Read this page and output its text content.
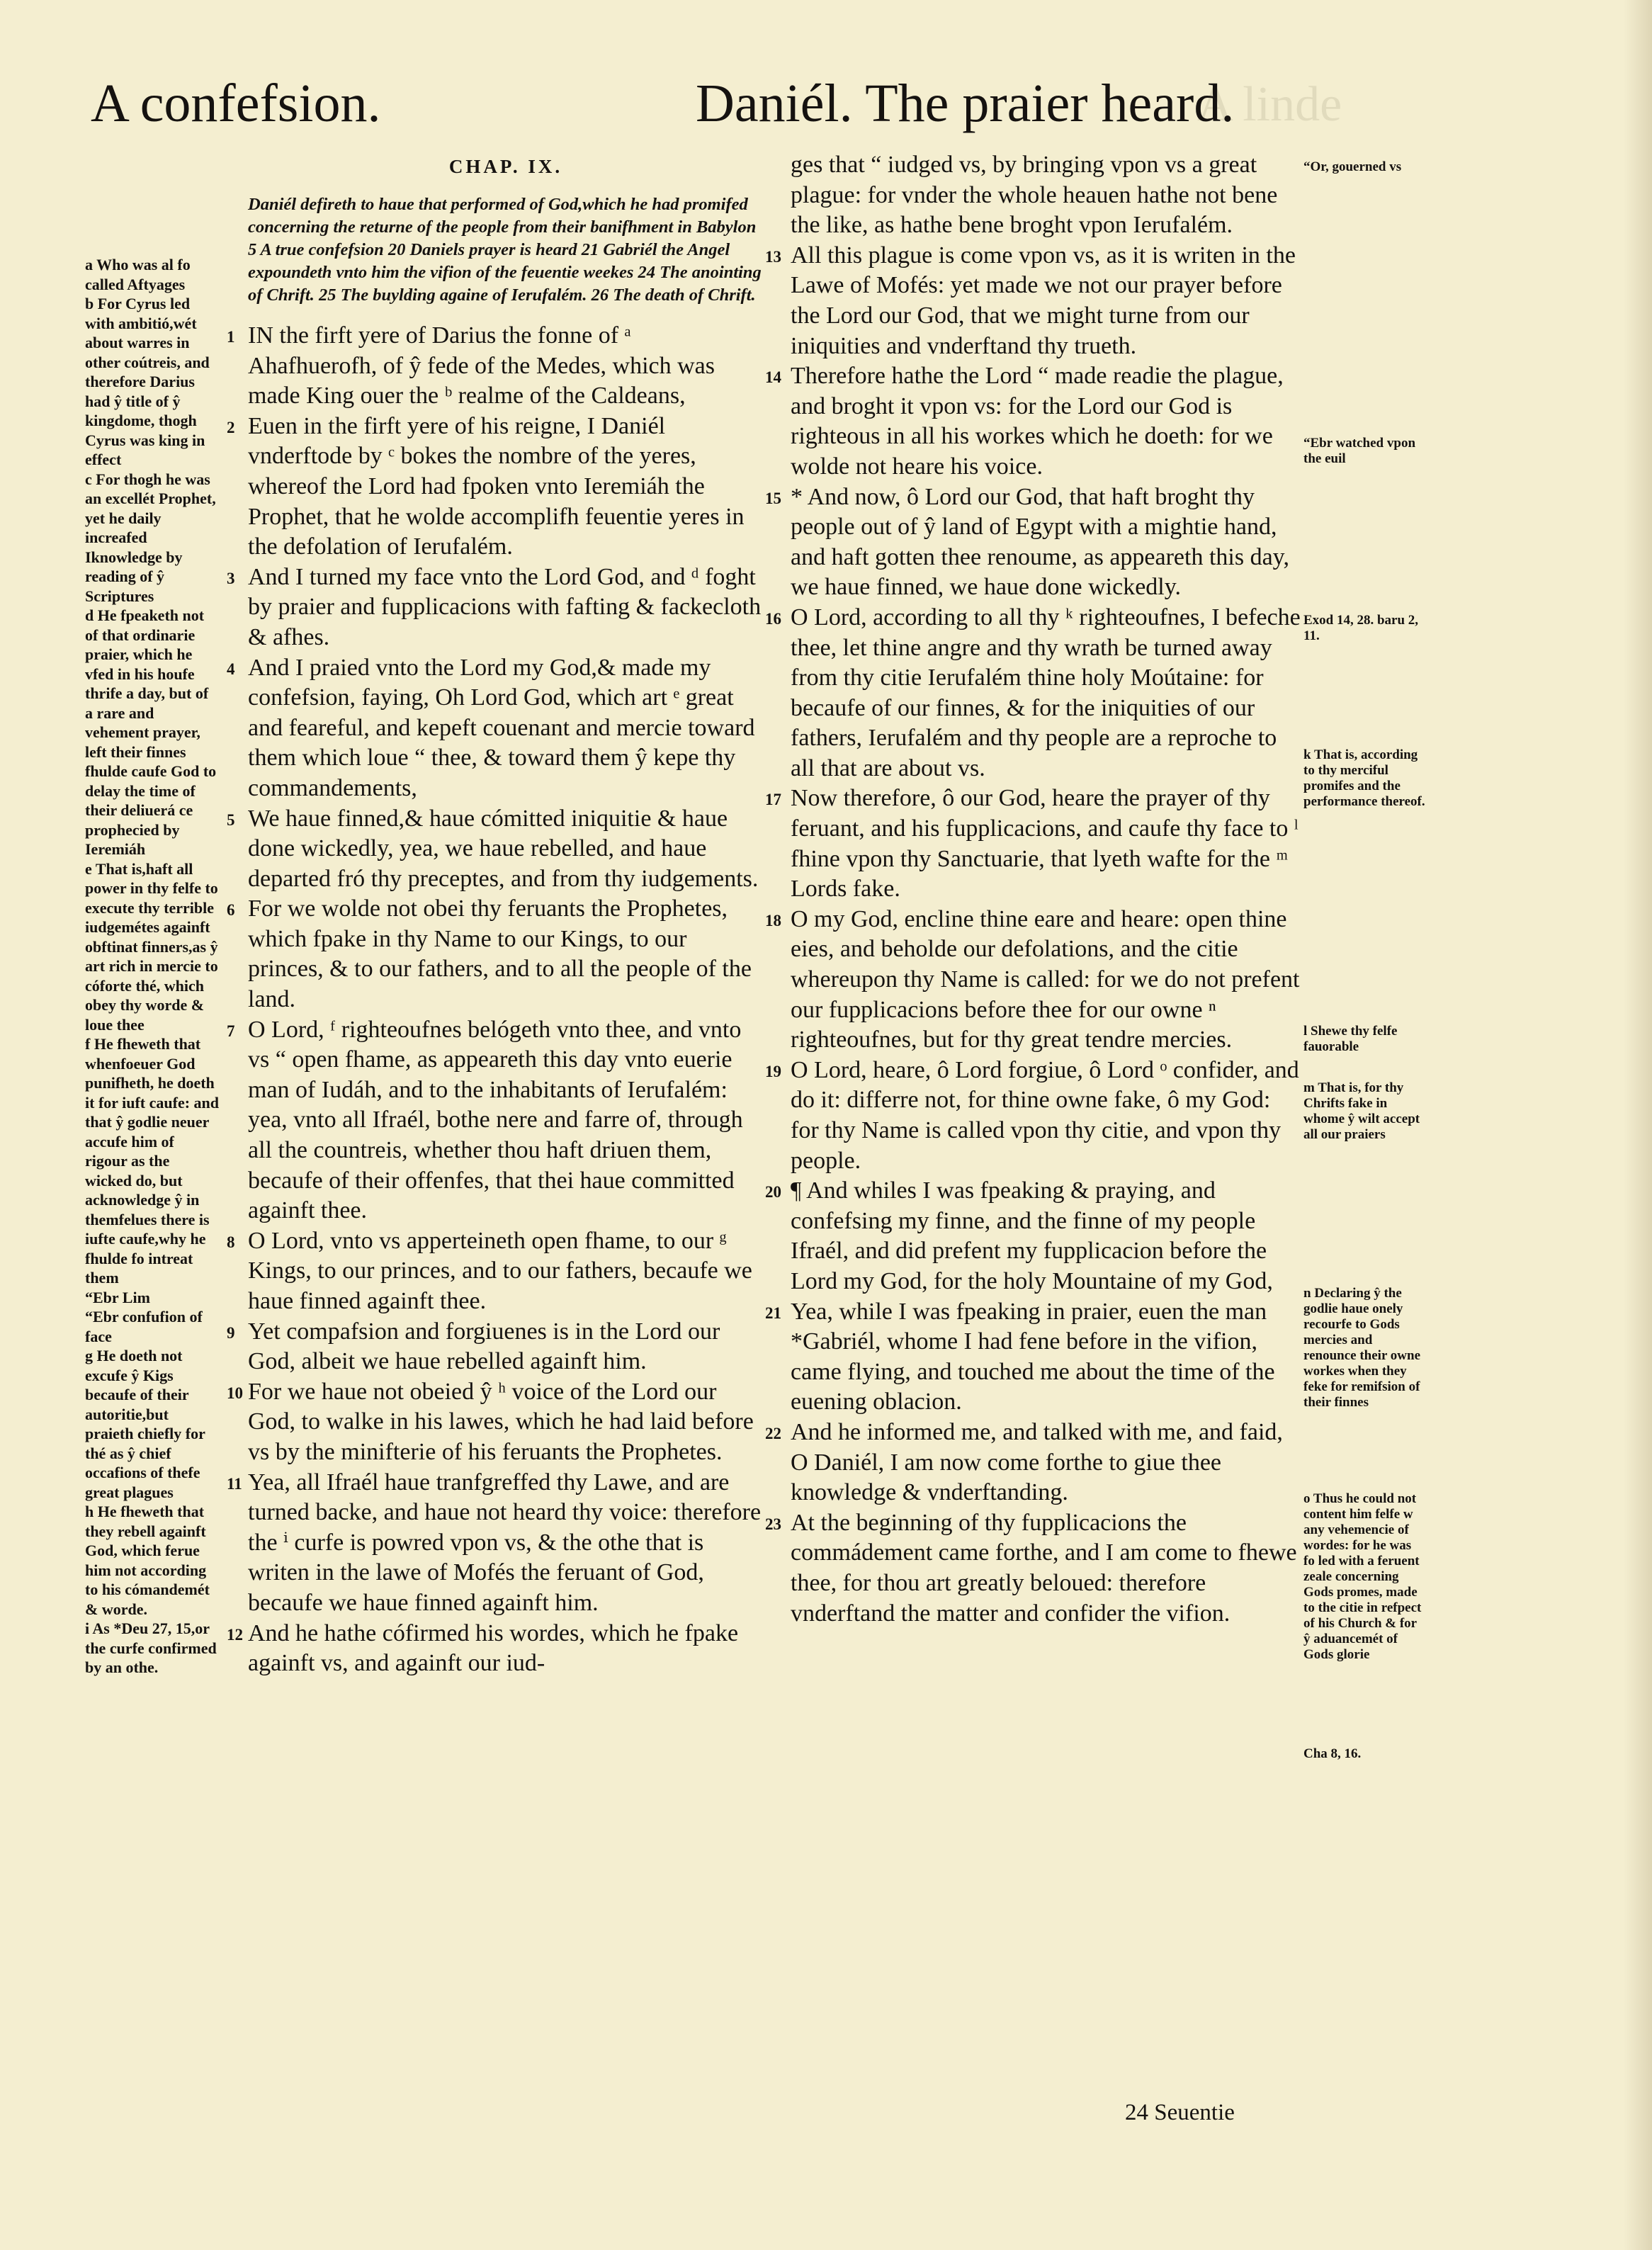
A linde
A confefsion.	Daniél. The praier heard.

a Who was al fo called Aftyages

b For Cyrus led with ambitió,wét about warres in other coútreis, and therefore Darius had ŷ title of ŷ kingdome, thogh Cyrus was king in effect

c For thogh he was an excellét Prophet, yet he daily increafed Iknowledge by reading of ŷ Scriptures

d He fpeaketh not of that ordinarie praier, which he vfed in his houfe thrife a day, but of a rare and vehement prayer, left their finnes fhulde caufe God to delay the time of their deliuerá ce prophecied by Ieremiáh

e That is,haft all power in thy felfe to execute thy terrible iudgemétes againft obftinat finners,as ŷ art rich in mercie to cóforte thé, which obey thy worde & loue thee

f He fheweth that whenfoeuer God punifheth, he doeth it for iuft caufe: and that ŷ godlie neuer accufe him of rigour as the wicked do, but acknowledge ŷ in themfelues there is iufte caufe,why he fhulde fo intreat them

“Ebr Lim

“Ebr confufion of face

g He doeth not excufe ŷ Kigs becaufe of their autoritie,but praieth chiefly for thé as ŷ chief occafions of thefe great plagues

h He fheweth that they rebell againft God, which ferue him not according to his cómandemét & worde.

i As *Deu 27, 15,or the curfe confirmed by an othe.

CHAP. IX.

Daniél defireth to haue that performed of God,which he had promifed concerning the returne of the people from their banifhment in Babylon 5 A true confefsion 20 Daniels prayer is heard 21 Gabriél the Angel expoundeth vnto him the vifion of the feuentie weekes 24 The anointing of Chrift. 25 The buylding againe of Ierufalém. 26 The death of Chrift.

1 IN the firft yere of Darius the fonne of ᵃ Ahafhuerofh, of ŷ fede of the Medes, which was made King ouer the ᵇ realme of the Caldeans,
2 Euen in the firft yere of his reigne, I Daniél vnderftode by ᶜ bokes the nombre of the yeres, whereof the Lord had fpoken vnto Ieremiáh the Prophet, that he wolde accomplifh feuentie yeres in the defolation of Ierufalém.
3 And I turned my face vnto the Lord God, and ᵈ foght by praier and fupplicacions with fafting & fackecloth & afhes.
4 And I praied vnto the Lord my God,& made my confefsion, faying, Oh Lord God, which art ᵉ great and feareful, and kepeft couenant and mercie toward them which loue “ thee, & toward them ŷ kepe thy commandements,
5 We haue finned,& haue cómitted iniquitie & haue done wickedly, yea, we haue rebelled, and haue departed fró thy preceptes, and from thy iudgements.
6 For we wolde not obei thy feruants the Prophetes, which fpake in thy Name to our Kings, to our princes, & to our fathers, and to all the people of the land.
7 O Lord, ᶠ righteoufnes belógeth vnto thee, and vnto vs “ open fhame, as appeareth this day vnto euerie man of Iudáh, and to the inhabitants of Ierufalém: yea, vnto all Ifraél, bothe nere and farre of, through all the countreis, whether thou haft driuen them, becaufe of their offenfes, that thei haue committed againft thee.
8 O Lord, vnto vs apperteineth open fhame, to our ᵍ Kings, to our princes, and to our fathers, becaufe we haue finned againft thee.
9 Yet compafsion and forgiuenes is in the Lord our God, albeit we haue rebelled againft him.
10 For we haue not obeied ŷ ʰ voice of the Lord our God, to walke in his lawes, which he had laid before vs by the minifterie of his feruants the Prophetes.
11 Yea, all Ifraél haue tranfgreffed thy Lawe, and are turned backe, and haue not heard thy voice: therefore the ⁱ curfe is powred vpon vs, & the othe that is writen in the lawe of Mofés the feruant of God, becaufe we haue finned againft him.
12 And he hathe cófirmed his wordes, which he fpake againft vs, and againft our iud-
ges that “ iudged vs, by bringing vpon vs a great plague: for vnder the whole heauen hathe not bene the like, as hathe bene broght vpon Ierufalém.
13 All this plague is come vpon vs, as it is writen in the Lawe of Mofés: yet made we not our prayer before the Lord our God, that we might turne from our iniquities and vnderftand thy trueth.
14 Therefore hathe the Lord “ made readie the plague, and broght it vpon vs: for the Lord our God is righteous in all his workes which he doeth: for we wolde not heare his voice.
15 * And now, ô Lord our God, that haft broght thy people out of ŷ land of Egypt with a mightie hand, and haft gotten thee renoume, as appeareth this day, we haue finned, we haue done wickedly.
16 O Lord, according to all thy ᵏ righteoufnes, I befeche thee, let thine angre and thy wrath be turned away from thy citie Ierufalém thine holy Moútaine: for becaufe of our finnes, & for the iniquities of our fathers, Ierufalém and thy people are a reproche to all that are about vs.
17 Now therefore, ô our God, heare the prayer of thy feruant, and his fupplicacions, and caufe thy face to ˡ fhine vpon thy Sanctuarie, that lyeth wafte for the ᵐ Lords fake.
18 O my God, encline thine eare and heare: open thine eies, and beholde our defolations, and the citie whereupon thy Name is called: for we do not prefent our fupplicacions before thee for our owne ⁿ righteoufnes, but for thy great tendre mercies.
19 O Lord, heare, ô Lord forgiue, ô Lord ᵒ confider, and do it: differre not, for thine owne fake, ô my God: for thy Name is called vpon thy citie, and vpon thy people.
20 ¶ And whiles I was fpeaking & praying, and confefsing my finne, and the finne of my people Ifraél, and did prefent my fupplicacion before the Lord my God, for the holy Mountaine of my God,
21 Yea, while I was fpeaking in praier, euen the man *Gabriél, whome I had fene before in the vifion, came flying, and touched me about the time of the euening oblacion.
22 And he informed me, and talked with me, and faid, O Daniél, I am now come forthe to giue thee knowledge & vnderftanding.
23 At the beginning of thy fupplicacions the commádement came forthe, and I am come to fhewe thee, for thou art greatly beloued: therefore vnderftand the matter and confider the vifion.

“Or, gouerned vs

“Ebr watched vpon the euil

Exod 14, 28. baru 2, 11.

k That is, according to thy merciful promifes and the performance thereof.

l Shewe thy felfe fauorable

m That is, for thy Chrifts fake in whome ŷ wilt accept all our praiers

n Declaring ŷ the godlie haue onely recourfe to Gods mercies and renounce their owne workes when they feke for remifsion of their finnes

o Thus he could not content him felfe w any vehemencie of wordes: for he was fo led with a feruent zeale concerning Gods promes, made to the citie in refpect of his Church & for ŷ aduancemét of Gods glorie

Cha 8, 16.

24 Seuentie
